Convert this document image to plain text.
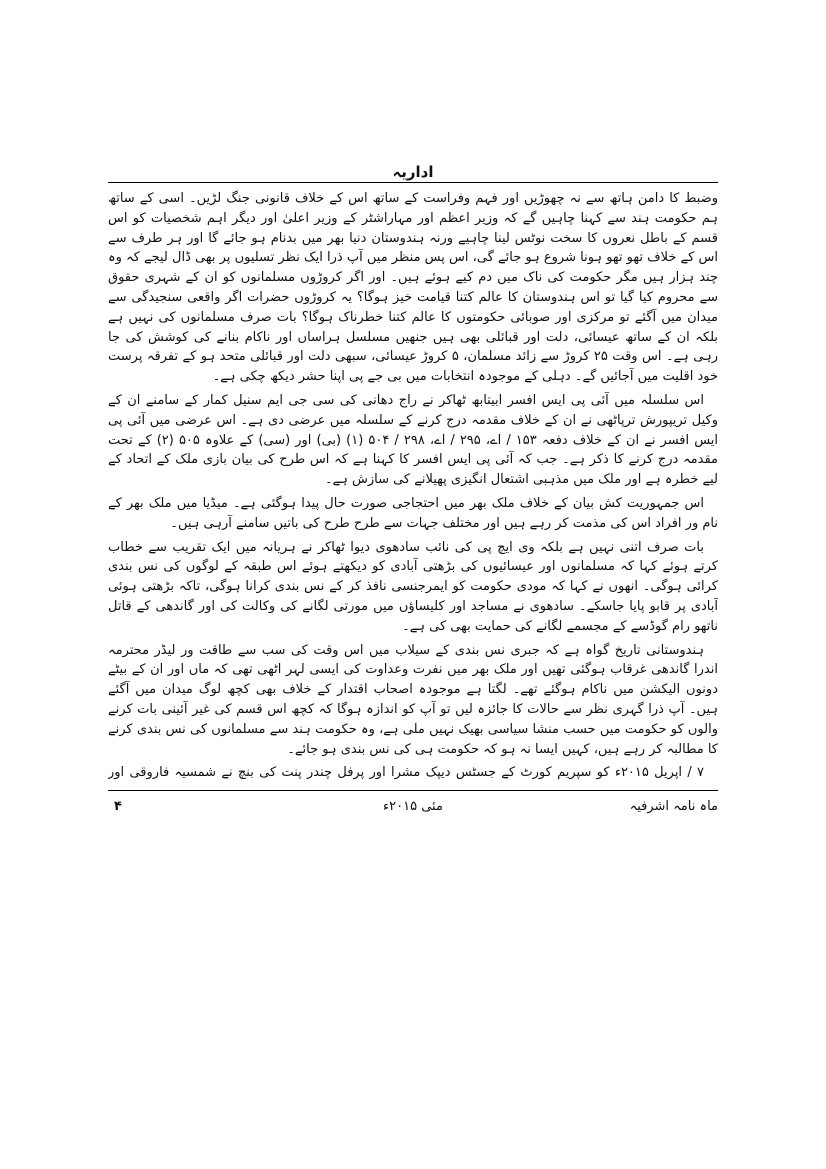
اداریہ

وضبط کا دامن ہاتھ سے نہ چھوڑیں اور فہم وفراست کے ساتھ اس کے خلاف قانونی جنگ لڑیں۔ اسی کے ساتھ ہم حکومت ہند سے کہنا چاہیں گے کہ وزیر اعظم اور مہاراشٹر کے وزیر اعلیٰ اور دیگر اہم شخصیات کو اس قسم کے باطل نعروں کا سخت نوٹس لینا چاہیے ورنہ ہندوستان دنیا بھر میں بدنام ہو جائے گا اور ہر طرف سے اس کے خلاف تھو تھو ہونا شروع ہو جائے گی، اس پس منظر میں آپ ذرا ایک نظر تسلیوں پر بھی ڈال لیجے کہ وہ چند ہزار ہیں مگر حکومت کی ناک میں دم کیے ہوئے ہیں۔ اور اگر کروڑوں مسلمانوں کو ان کے شہری حقوق سے محروم کیا گیا تو اس ہندوستان کا عالم کتنا قیامت خیز ہوگا؟ یہ کروڑوں حضرات اگر واقعی سنجیدگی سے میدان میں آگئے تو مرکزی اور صوبائی حکومتوں کا عالم کتنا خطرناک ہوگا؟ بات صرف مسلمانوں کی نہیں ہے بلکہ ان کے ساتھ عیسائی، دلت اور قبائلی بھی ہیں جنھیں مسلسل ہراساں اور ناکام بنانے کی کوشش کی جا رہی ہے۔ اس وقت ۲۵ کروڑ سے زائد مسلمان، ۵ کروڑ عیسائی، سبھی دلت اور قبائلی متحد ہو کے تفرقہ پرست خود اقلیت میں آجائیں گے۔ دہلی کے موجودہ انتخابات میں بی جے پی اپنا حشر دیکھ چکی ہے۔

اس سلسلہ میں آئی پی ایس افسر ابیتابھ ٹھاکر نے راج دھانی کی سی جی ایم سنیل کمار کے سامنے ان کے وکیل تریپورش ترپاٹھی نے ان کے خلاف مقدمہ درج کرنے کے سلسلہ میں عرضی دی ہے۔ اس عرضی میں آئی پی ایس افسر نے ان کے خلاف دفعہ ۱۵۳ / اے، ۲۹۵ / اے، ۲۹۸ / ۵۰۴ (۱) (بی) اور (سی) کے علاوہ ۵۰۵ (۲) کے تحت مقدمہ درج کرنے کا ذکر ہے۔ جب کہ آئی پی ایس افسر کا کہنا ہے کہ اس طرح کی بیان بازی ملک کے اتحاد کے لیے خطرہ ہے اور ملک میں مذہبی اشتعال انگیزی پھیلانے کی سازش ہے۔

اس جمہوریت کش بیان کے خلاف ملک بھر میں احتجاجی صورت حال پیدا ہوگئی ہے۔ میڈیا میں ملک بھر کے نام ور افراد اس کی مذمت کر رہے ہیں اور مختلف جہات سے طرح طرح کی باتیں سامنے آرہی ہیں۔

بات صرف اتنی نہیں ہے بلکہ وی ایچ پی کی نائب سادھوی دیوا ٹھاکر نے ہریانہ میں ایک تقریب سے خطاب کرتے ہوئے کہا کہ مسلمانوں اور عیسائیوں کی بڑھتی آبادی کو دیکھتے ہوئے اس طبقہ کے لوگوں کی نس بندی کرائی ہوگی۔ انھوں نے کہا کہ مودی حکومت کو ایمرجنسی نافذ کر کے نس بندی کرانا ہوگی، تاکہ بڑھتی ہوئی آبادی پر قابو پایا جاسکے۔ سادھوی نے مساجد اور کلیساؤں میں مورتی لگانے کی وکالت کی اور گاندھی کے قاتل ناتھو رام گوڈسے کے مجسمے لگانے کی حمایت بھی کی ہے۔

ہندوستانی تاریخ گواہ ہے کہ جبری نس بندی کے سیلاب میں اس وقت کی سب سے طاقت ور لیڈر محترمہ اندرا گاندھی غرقاب ہوگئی تھیں اور ملک بھر میں نفرت وعداوت کی ایسی لہر اٹھی تھی کہ ماں اور ان کے بیٹے دونوں الیکشن میں ناکام ہوگئے تھے۔ لگتا ہے موجودہ اصحاب اقتدار کے خلاف بھی کچھ لوگ میدان میں آگئے ہیں۔ آپ ذرا گہری نظر سے حالات کا جائزہ لیں تو آپ کو اندازہ ہوگا کہ کچھ اس قسم کی غیر آئینی بات کرنے والوں کو حکومت میں حسب منشا سیاسی بھیک نہیں ملی ہے، وہ حکومت ہند سے مسلمانوں کی نس بندی کرنے کا مطالبہ کر رہے ہیں، کہیں ایسا نہ ہو کہ حکومت ہی کی نس بندی ہو جائے۔

۷ / اپریل ۲۰۱۵ء کو سپریم کورٹ کے جسٹس دیپک مشرا اور پرفل چندر پنت کی بنچ نے شمسیہ فاروقی اور

۴	مئی ۲۰۱۵ء	ماہ نامہ اشرفیہ
